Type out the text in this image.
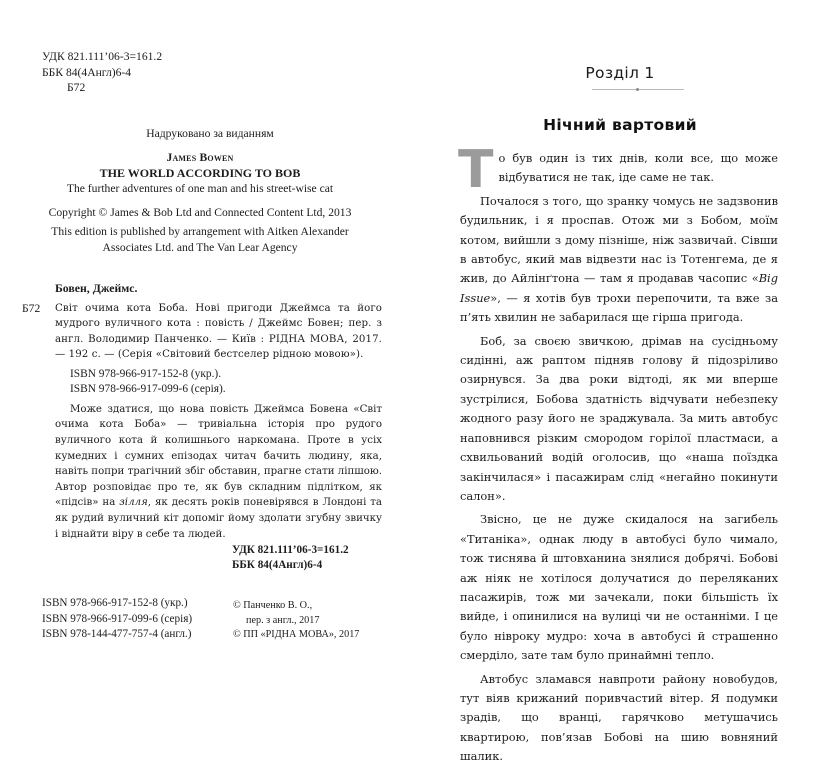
УДК 821.111’06-3=161.2
ББК 84(4Англ)6-4
Б72
Надруковано за виданням
James Bowen
THE WORLD ACCORDING TO BOB
The further adventures of one man and his street-wise cat
Copyright © James & Bob Ltd and Connected Content Ltd, 2013
This edition is published by arrangement with Aitken Alexander
Associates Ltd. and The Van Lear Agency
Бовен, Джеймс.
Б72	Світ очима кота Боба. Нові пригоди Джеймса та його мудрого вуличного кота : повість / Джеймс Бовен; пер. з англ. Володимир Панченко. — Київ : РІДНА МОВА, 2017. — 192 с. — (Серія «Світовий бестселер рідною мовою»).
ISBN 978-966-917-152-8 (укр.).
ISBN 978-966-917-099-6 (серія).
Може здатися, що нова повість Джеймса Бовена «Світ очима кота Боба» — тривіальна історія про рудого вуличного кота й колишнього наркомана. Проте в усіх кумедних і сумних епізодах читач бачить людину, яка, навіть попри трагічний збіг обставин, прагне стати ліпшою. Автор розповідає про те, як був складним підлітком, як «підсів» на зілля, як десять років поневірявся в Лондоні та як рудий вуличний кіт допоміг йому здолати згубну звичку і віднайти віру в себе та людей.
УДК 821.111’06-3=161.2
ББК 84(4Англ)6-4
ISBN 978-966-917-152-8 (укр.)
ISBN 978-966-917-099-6 (серія)
ISBN 978-144-477-757-4 (англ.)
© Панченко В. О.,
пер. з англ., 2017
© ПП «РІДНА МОВА», 2017
Розділ 1
Нічний вартовий

То був один із тих днів, коли все, що може відбуватися не так, іде саме не так.

Почалося з того, що зранку чомусь не задзвонив будильник, і я проспав. Отож ми з Бобом, моїм котом, вийшли з дому пізніше, ніж зазвичай. Сівши в автобус, який мав відвезти нас із Тотенгема, де я жив, до Айлінґтона — там я продавав часопис «Big Issue», — я хотів був трохи перепочити, та вже за п’ять хвилин не забарилася ще гірша пригода.

Боб, за своєю звичкою, дрімав на сусідньому сидінні, аж раптом підняв голову й підозріливо озирнувся. За два роки відтоді, як ми вперше зустрілися, Бобова здатність відчувати небезпеку жодного разу його не зраджувала. За мить автобус наповнився різким смородом горілої пластмаси, а схвильований водій оголосив, що «наша поїздка закінчилася» і пасажирам слід «негайно покинути салон».

Звісно, це не дуже скидалося на загибель «Титаніка», однак люду в автобусі було чимало, тож тиснява й штовханина знялися добрячі. Бобові аж ніяк не хотілося долучатися до переляканих пасажирів, тож ми зачекали, поки більшість їх вийде, і опинилися на вулиці чи не останніми. І це було нівроку мудро: хоча в автобусі й страшенно смерділо, зате там було принаймні тепло.

Автобус зламався навпроти району новобудов, тут віяв крижаний поривчастий вітер. Я подумки зрадів, що вранці, гарячково метушачись квартирою, пов’язав Бобові на шию вовняний шалик.
